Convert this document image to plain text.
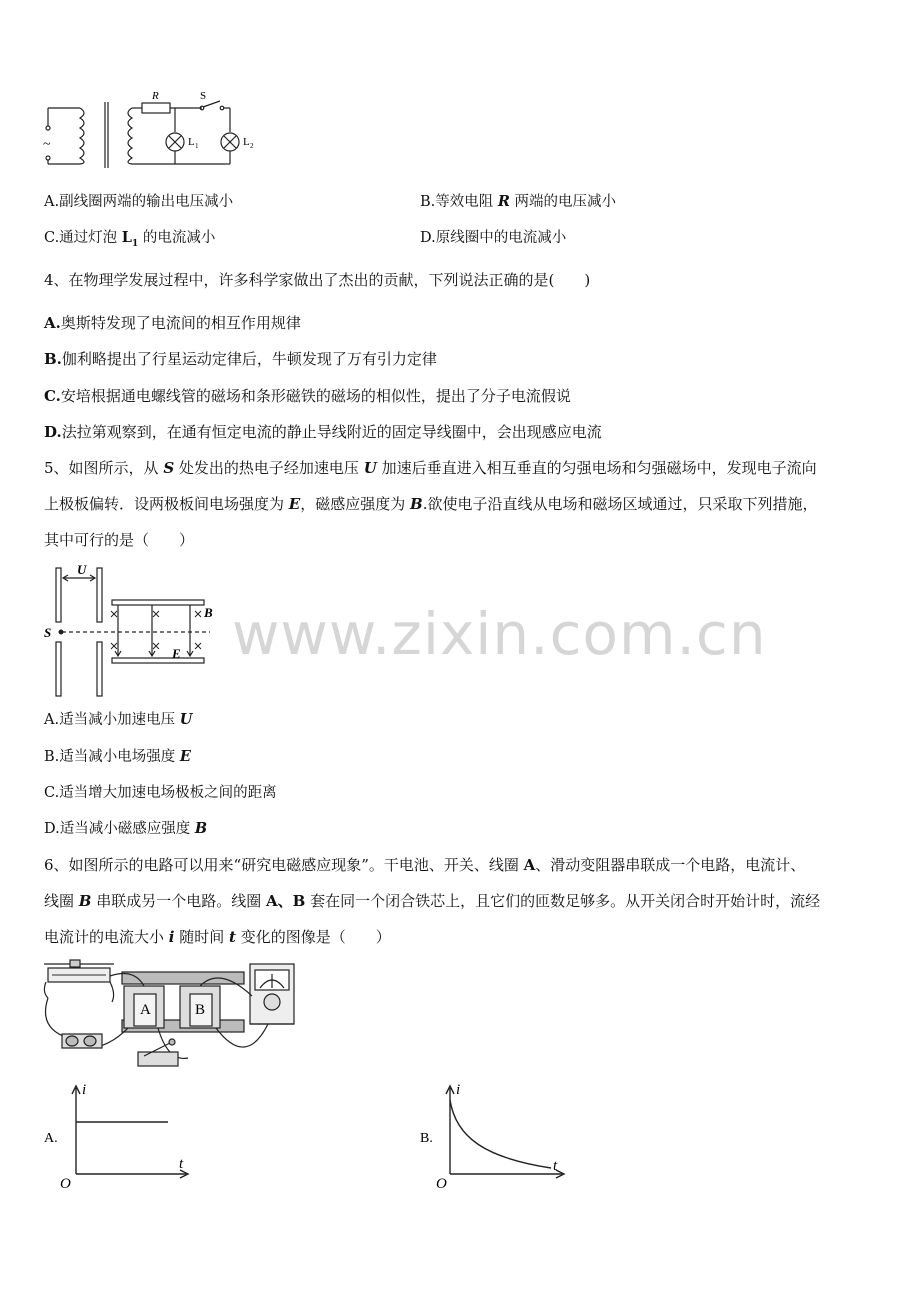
~
R	S
L 1	L 2
A.副线圈两端的输出电压减小	B.等效电阻 R 两端的电压减小
C.通过灯泡 $L_1$ 的电流减小	D.原线圈中的电流减小
4、在物理学发展过程中，许多科学家做出了杰出的贡献，下列说法正确的是(　　)
A.奥斯特发现了电流间的相互作用规律
B.伽利略提出了行星运动定律后，牛顿发现了万有引力定律
C.安培根据通电螺线管的磁场和条形磁铁的磁场的相似性，提出了分子电流假说
D.法拉第观察到，在通有恒定电流的静止导线附近的固定导线圈中，会出现感应电流
5、如图所示，从 S 处发出的热电子经加速电压 U 加速后垂直进入相互垂直的匀强电场和匀强磁场中，发现电子流向
上极板偏转．设两极板间电场强度为 E，磁感应强度为 B.欲使电子沿直线从电场和磁场区域通过，只采取下列措施，
其中可行的是（　　）
U
S
B
E
A.适当减小加速电压 U
B.适当减小电场强度 E
C.适当增大加速电场极板之间的距离
D.适当减小磁感应强度 B
6、如图所示的电路可以用来“研究电磁感应现象”。干电池、开关、线圈 A、滑动变阻器串联成一个电路，电流计、
线圈 B 串联成另一个电路。线圈 A、B 套在同一个闭合铁芯上，且它们的匝数足够多。从开关闭合时开始计时，流经
电流计的电流大小 i 随时间 t 变化的图像是（　　）
A	B
A.
i
t
O
B.
i
t
O
www.zixin.com.cn
